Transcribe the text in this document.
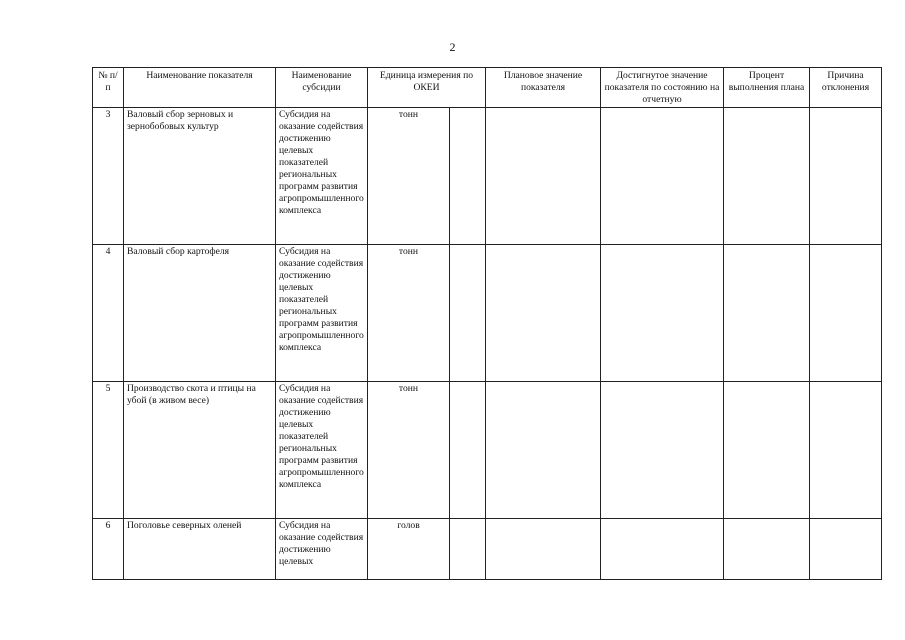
2
№ п/п	Наименование показателя	Наименование субсидии	Единица измерения по ОКЕИ		Плановое значение показателя	Достигнутое значение показателя по состоянию на отчетную	Процент выполнения плана	Причина отклонения
3	Валовый сбор зерновых и зернобобовых культур	Субсидия на оказание содействия достижению целевых показателей региональных программ развития агропромышленного комплекса	тонн					
4	Валовый сбор картофеля	Субсидия на оказание содействия достижению целевых показателей региональных программ развития агропромышленного комплекса	тонн					
5	Производство скота и птицы на убой (в живом весе)	Субсидия на оказание содействия достижению целевых показателей региональных программ развития агропромышленного комплекса	тонн					
6	Поголовье северных оленей	Субсидия на оказание содействия достижению целевых	голов					
